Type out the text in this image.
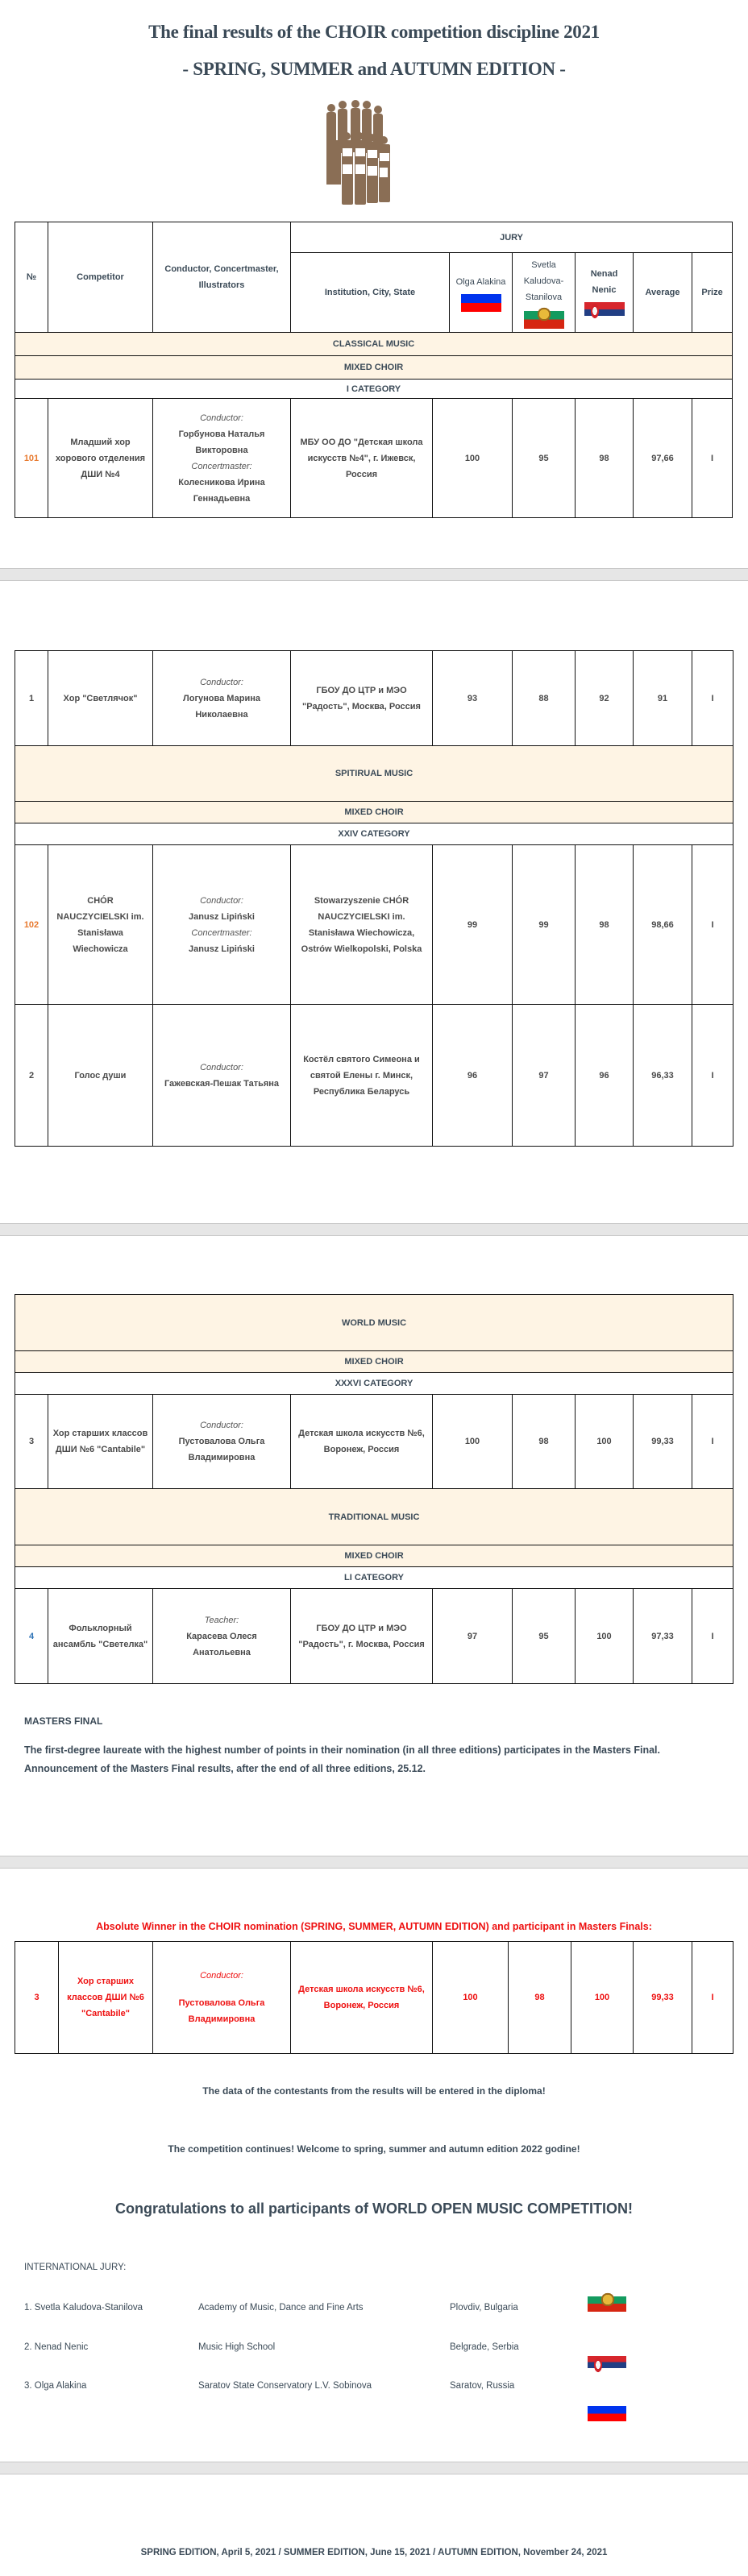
The final results of the CHOIR competition discipline 2021
- SPRING, SUMMER and AUTUMN EDITION -
№	Competitor	Conductor, Concertmaster, Illustrators	JURY						
			Institution, City, State		Olga Alakina	Svetla Kaludova-Stanilova	Nenad Nenic	Average	Prize
CLASSICAL MUSIC									
MIXED CHOIR									
I CATEGORY									
101	Младший хор хорового отделения ДШИ №4	Conductor:
Горбунова Наталья Викторовна
Concertmaster:
Колесникова Ирина Геннадьевна	МБУ ОО ДО "Детская школа искусств №4", г. Ижевск, Россия	100		95	98	97,66	I
1	Хор "Светлячок"	Conductor:
Логунова Марина Николаевна	ГБОУ ДО ЦТР и МЭО "Радость", Москва, Россия	93	88	92	91	I
SPITIRUAL MUSIC								
MIXED CHOIR								
XXIV CATEGORY								
102	CHÓR NAUCZYCIELSKI im. Stanisława Wiechowicza	Conductor:
Janusz Lipiński
Concertmaster:
Janusz Lipiński	Stowarzyszenie CHÓR NAUCZYCIELSKI im. Stanisława Wiechowicza, Ostrów Wielkopolski, Polska	99	99	98	98,66	I
2	Голос души	Conductor:
Гажевская-Пешак Татьяна	Костёл святого Симеона и святой Елены г. Минск, Республика Беларусь	96	97	96	96,33	I
WORLD MUSIC								
MIXED CHOIR								
XXXVI CATEGORY								
3	Хор старших классов ДШИ №6 "Cantabile"	Conductor:
Пустовалова Ольга Владимировна	Детская школа искусств №6, Воронеж, Россия	100	98	100	99,33	I
TRADITIONAL MUSIC								
MIXED CHOIR								
LI CATEGORY								
4	Фольклорный ансамбль "Светелка"	Teacher:
Карасева Олеся Анатольевна	ГБОУ ДО ЦТР и МЭО "Радость", г. Москва, Россия	97	95	100	97,33	I
MASTERS FINAL
The first-degree laureate with the highest number of points in their nomination (in all three editions) participates in the Masters Final. Announcement of the Masters Final results, after the end of all three editions, 25.12.
Absolute Winner in the CHOIR nomination (SPRING, SUMMER, AUTUMN EDITION) and participant in Masters Finals:
3	Хор старших классов ДШИ №6 "Cantabile"	
Conductor:
Пустовалова Ольга Владимировна	Детская школа искусств №6, Воронеж, Россия	100	98	100	99,33	I
The data of the contestants from the results will be entered in the diploma!
The competition continues! Welcome to spring, summer and autumn edition 2022 godine!
Congratulations to all participants of WORLD OPEN MUSIC COMPETITION!
INTERNATIONAL JURY:
1. Svetla Kaludova-Stanilova	Academy of Music, Dance and Fine Arts	Plovdiv, Bulgaria
2. Nenad Nenic	Music High School	Belgrade, Serbia
3. Olga Alakina	Saratov State Conservatory L.V. Sobinova	Saratov, Russia
SPRING EDITION, April 5, 2021 / SUMMER EDITION, June 15, 2021 / AUTUMN EDITION, November 24, 2021
